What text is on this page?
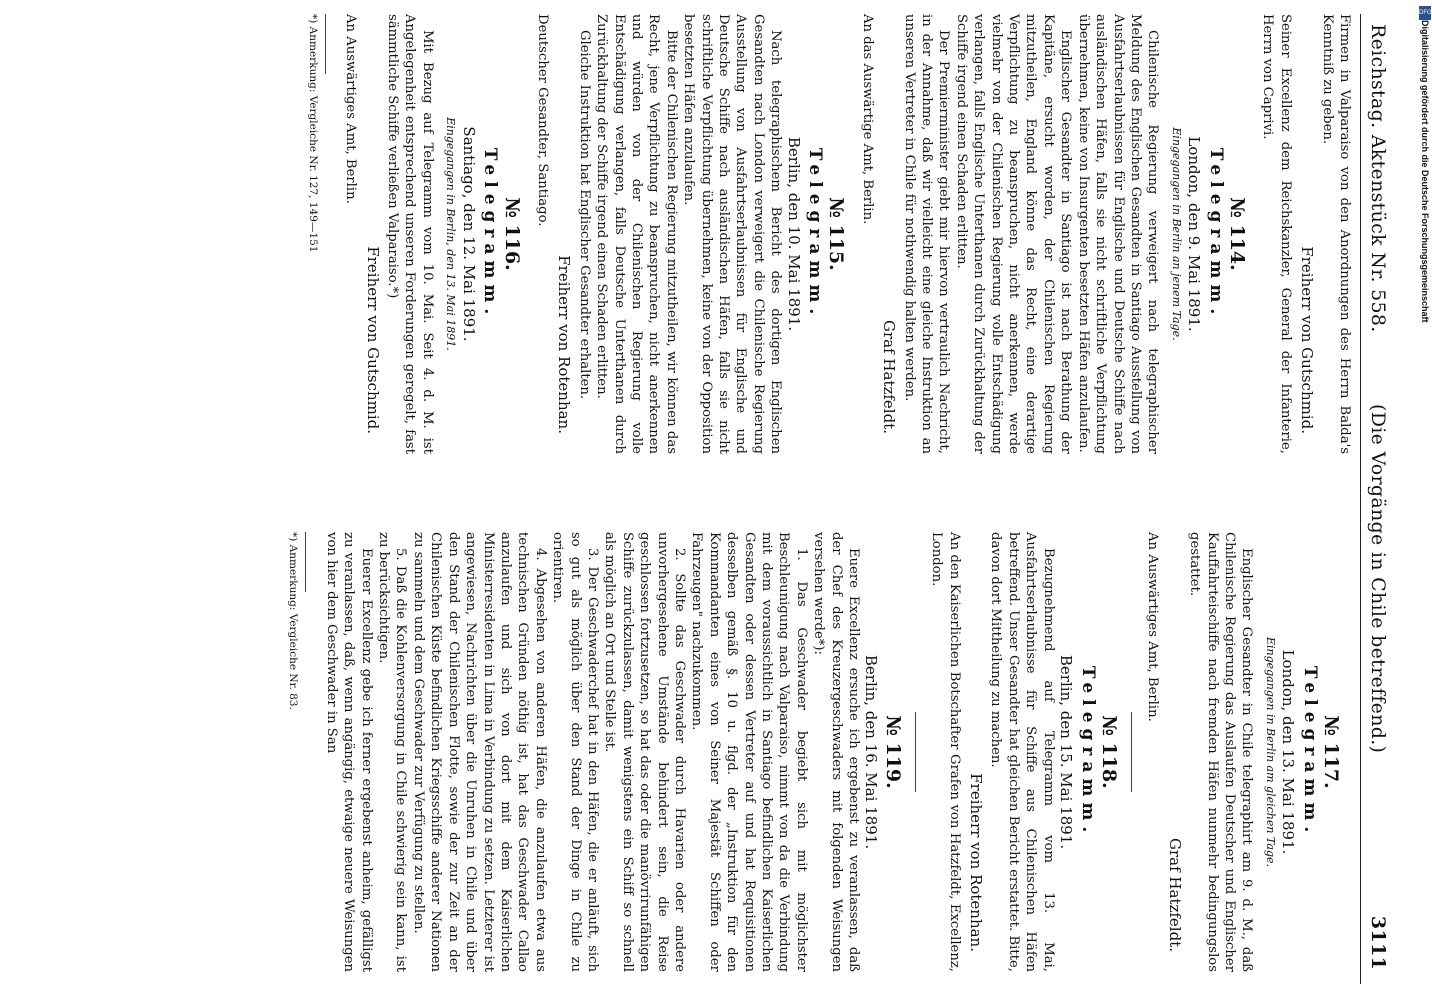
DFG
Digitalisierung gefördert durch die Deutsche Forschungsgemeinschaft
Reichstag. Aktenstück Nr. 558.
(Die Vorgänge in Chile betreffend.)
3111

Firmen in Valparaiso von den Anordnungen des Herrn Balda's Kenntniß zu geben.

Freiherr von Gutschmid.

Seiner Excellenz dem Reichskanzler, General der Infanterie, Herrn von Caprivi.

№ 114.
Telegramm.
London, den 9. Mai 1891.
Eingegangen in Berlin an jenem Tage.

Chilenische Regierung verweigert nach telegraphischer Meldung des Englischen Gesandten in Santiago Ausstellung von Ausfahrtserlaubnissen für Englische und Deutsche Schiffe nach ausländischen Häfen, falls sie nicht schriftliche Verpflichtung übernehmen, keine von Insurgenten besetzten Häfen anzulaufen.

Englischer Gesandter in Santiago ist nach Berathung der Kapitäne, ersucht worden, der Chilenischen Regierung mitzutheilen, England könne das Recht, eine derartige Verpflichtung zu beanspruchen, nicht anerkennen, werde vielmehr von der Chilenischen Regierung volle Entschädigung verlangen, falls Englische Unterthanen durch Zurückhaltung der Schiffe irgend einen Schaden erlitten.

Der Premierminister giebt mir hiervon vertraulich Nachricht, in der Annahme, daß wir vielleicht eine gleiche Instruktion an unseren Vertreter in Chile für nothwendig halten werden.

Graf Hatzfeldt.

An das Auswärtige Amt, Berlin.

№ 115.
Telegramm.
Berlin, den 10. Mai 1891.

Nach telegraphischem Bericht des dortigen Englischen Gesandten nach London verweigert die Chilenische Regierung Ausstellung von Ausfahrtserlaubnissen für Englische und Deutsche Schiffe nach ausländischen Häfen, falls sie nicht schriftliche Verpflichtung übernehmen, keine von der Opposition besetzten Häfen anzulaufen.

Bitte der Chilenischen Regierung mitzutheilen, wir können das Recht, jene Verpflichtung zu beanspruchen, nicht anerkennen und würden von der Chilenischen Regierung volle Entschädigung verlangen, falls Deutsche Unterthanen durch Zurückhaltung der Schiffe irgend einen Schaden erlitten.

Gleiche Instruktion hat Englischer Gesandter erhalten.

Freiherr von Rotenhan.

Deutscher Gesandter, Santiago.

№ 116.
Telegramm.
Santiago, den 12. Mai 1891.
Eingegangen in Berlin, den 13. Mai 1891.

Mit Bezug auf Telegramm vom 10. Mai. Seit 4. d. M. ist Angelegenheit entsprechend unseren Forderungen geregelt, fast sämmtliche Schiffe verließen Valparaiso.*)

Freiherr von Gutschmid.

An Auswärtiges Amt, Berlin.

*) Anmerkung: Vergleiche Nr. 127, 149—151

№ 117.
Telegramm.
London, den 13. Mai 1891.
Eingegangen in Berlin am gleichen Tage.

Englischer Gesandter in Chile telegraphirt am 9. d. M., daß Chilenische Regierung das Auslaufen Deutscher und Englischer Kauffahrteischiffe nach fremden Häfen nunmehr bedingungslos gestattet.

Graf Hatzfeldt.

An Auswärtiges Amt, Berlin.

№ 118.
Telegramm.
Berlin, den 15. Mai 1891.

Bezugnehmend auf Telegramm vom 13. Mai, Ausfahrtserlaubnisse für Schiffe aus Chilenischen Häfen betreffend. Unser Gesandter hat gleichen Bericht erstattet. Bitte, davon dort Mittheilung zu machen.

Freiherr von Rotenhan.

An den Kaiserlichen Botschafter Grafen von Hatzfeldt, Excellenz, London.

№ 119.
Berlin, den 16. Mai 1891.

Euere Excellenz ersuche ich ergebenst zu veranlassen, daß der Chef des Kreuzergeschwaders mit folgenden Weisungen versehen werde*):

1. Das Geschwader begiebt sich mit möglichster Beschleunigung nach Valparaiso, nimmt von da die Verbindung mit dem voraussichtlich in Santiago befindlichen Kaiserlichen Gesandten oder dessen Vertreter auf und hat Requisitionen desselben gemäß §. 10 u. flgd. der „Instruktion für den Kommandanten eines von Seiner Majestät Schiffen oder Fahrzeugen" nachzukommen.

2. Sollte das Geschwader durch Havarien oder andere unvorhergesehene Umstände behindert sein, die Reise geschlossen fortzusetzen, so hat das oder die manövrirunfähigen Schiffe zurückzulassen, damit wenigstens ein Schiff so schnell als möglich an Ort und Stelle ist.

3. Der Geschwaderchef hat in den Häfen, die er anläuft, sich so gut als möglich über den Stand der Dinge in Chile zu orientiren.

4. Abgesehen von anderen Häfen, die anzulaufen etwa aus technischen Gründen nöthig ist, hat das Geschwader Callao anzulaufen und sich von dort mit dem Kaiserlichen Ministerresidenten in Lima in Verbindung zu setzen. Letzterer ist angewiesen, Nachrichten über die Unruhen in Chile und über den Stand der Chilenischen Flotte, sowie der zur Zeit an der Chilenischen Küste befindlichen Kriegsschiffe anderer Nationen zu sammeln und dem Geschwader zur Verfügung zu stellen.

5. Daß die Kohlenversorgung in Chile schwierig sein kann, ist zu berücksichtigen.

Euerer Excellenz gebe ich ferner ergebenst anheim, gefälligst zu veranlassen, daß, wenn angängig, etwaige neuere Weisungen von hier dem Geschwader in San

*) Anmerkung: Vergleiche Nr. 83.
